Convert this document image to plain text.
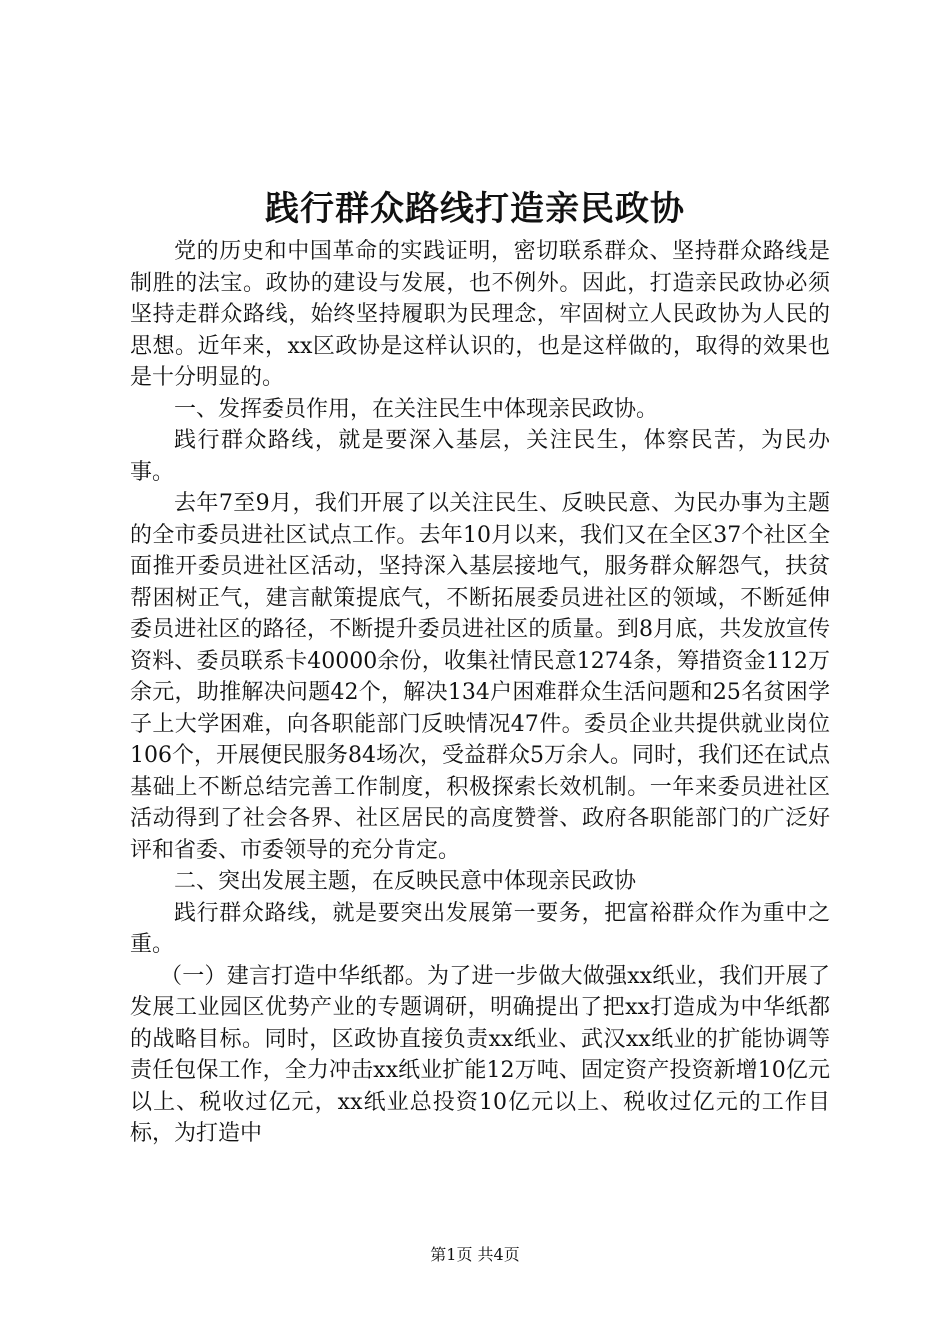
践行群众路线打造亲民政协

党的历史和中国革命的实践证明，密切联系群众、坚持群众路线是制胜的法宝。政协的建设与发展，也不例外。因此，打造亲民政协必须坚持走群众路线，始终坚持履职为民理念，牢固树立人民政协为人民的思想。近年来，xx区政协是这样认识的，也是这样做的，取得的效果也是十分明显的。

一、发挥委员作用，在关注民生中体现亲民政协。

践行群众路线，就是要深入基层，关注民生，体察民苦，为民办事。

去年7至9月，我们开展了以关注民生、反映民意、为民办事为主题的全市委员进社区试点工作。去年10月以来，我们又在全区37个社区全面推开委员进社区活动，坚持深入基层接地气，服务群众解怨气，扶贫帮困树正气，建言献策提底气，不断拓展委员进社区的领域，不断延伸委员进社区的路径，不断提升委员进社区的质量。到8月底，共发放宣传资料、委员联系卡40000余份，收集社情民意1274条，筹措资金112万余元，助推解决问题42个，解决134户困难群众生活问题和25名贫困学子上大学困难，向各职能部门反映情况47件。委员企业共提供就业岗位106个，开展便民服务84场次，受益群众5万余人。同时，我们还在试点基础上不断总结完善工作制度，积极探索长效机制。一年来委员进社区活动得到了社会各界、社区居民的高度赞誉、政府各职能部门的广泛好评和省委、市委领导的充分肯定。

二、突出发展主题，在反映民意中体现亲民政协

践行群众路线，就是要突出发展第一要务，把富裕群众作为重中之重。

（一）建言打造中华纸都。为了进一步做大做强xx纸业，我们开展了发展工业园区优势产业的专题调研，明确提出了把xx打造成为中华纸都的战略目标。同时，区政协直接负责xx纸业、武汉xx纸业的扩能协调等责任包保工作，全力冲击xx纸业扩能12万吨、固定资产投资新增10亿元以上、税收过亿元，xx纸业总投资10亿元以上、税收过亿元的工作目标，为打造中

第1页 共4页
